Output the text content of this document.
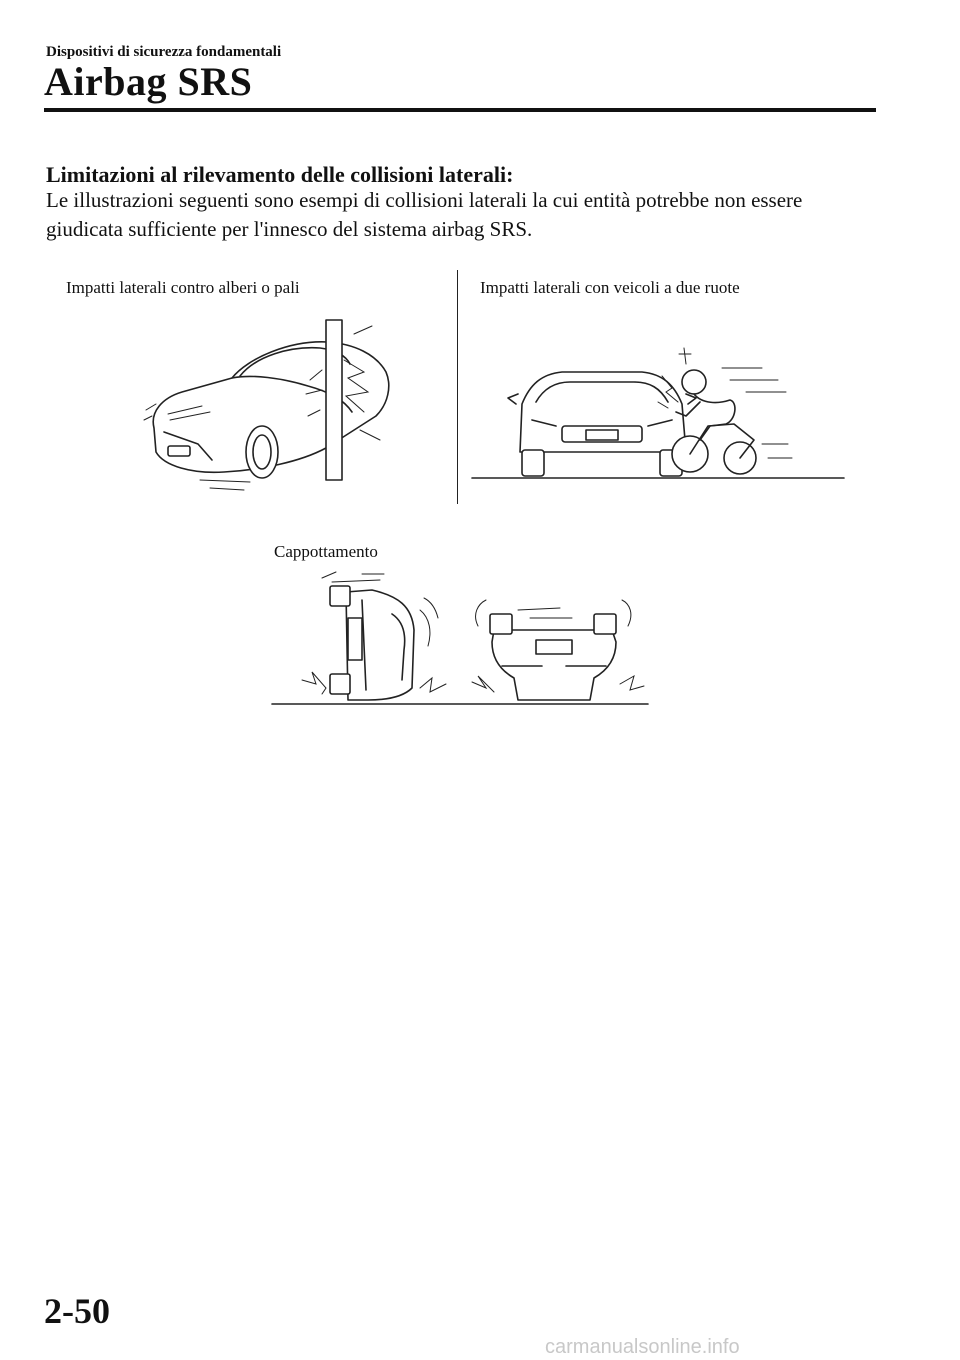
Dispositivi di sicurezza fondamentali
Airbag SRS
Limitazioni al rilevamento delle collisioni laterali:
Le illustrazioni seguenti sono esempi di collisioni laterali la cui entità potrebbe non essere giudicata sufficiente per l'innesco del sistema airbag SRS.
Impatti laterali contro alberi o pali	Impatti laterali con veicoli a due ruote
Cappottamento
2-50
carmanualsonline.info
